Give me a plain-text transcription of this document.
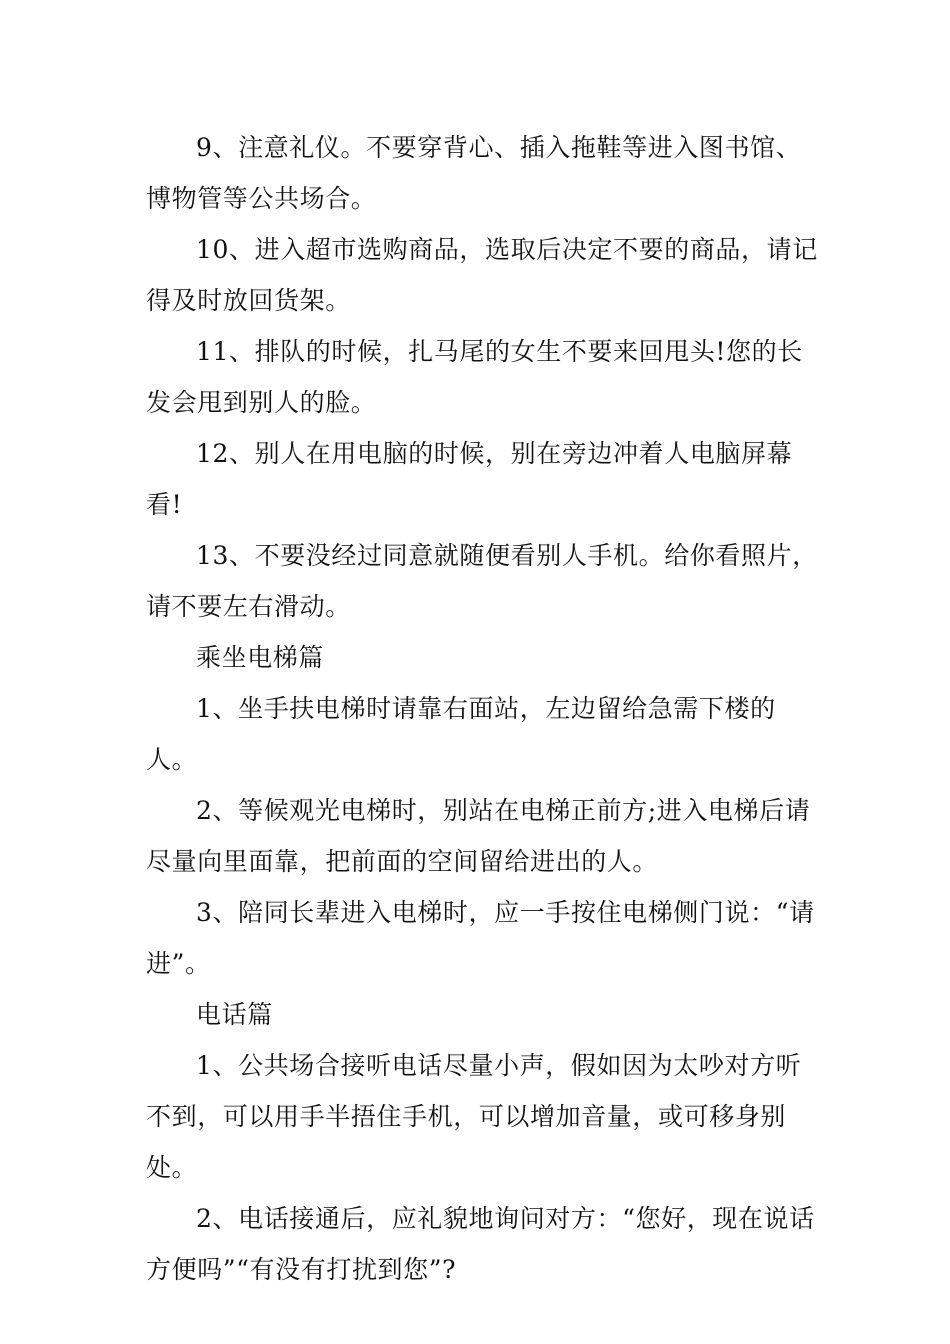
9、注意礼仪。不要穿背心、插入拖鞋等进入图书馆、博物管等公共场合。

10、进入超市选购商品，选取后决定不要的商品，请记得及时放回货架。

11、排队的时候，扎马尾的女生不要来回甩头!您的长发会甩到别人的脸。

12、别人在用电脑的时候，别在旁边冲着人电脑屏幕看!

13、不要没经过同意就随便看别人手机。给你看照片，请不要左右滑动。

乘坐电梯篇

1、坐手扶电梯时请靠右面站，左边留给急需下楼的人。

2、等候观光电梯时，别站在电梯正前方;进入电梯后请尽量向里面靠，把前面的空间留给进出的人。

3、陪同长辈进入电梯时，应一手按住电梯侧门说：“请进”。

电话篇

1、公共场合接听电话尽量小声，假如因为太吵对方听不到，可以用手半捂住手机，可以增加音量，或可移身别处。

2、电话接通后，应礼貌地询问对方：“您好，现在说话方便吗”“有没有打扰到您”?
